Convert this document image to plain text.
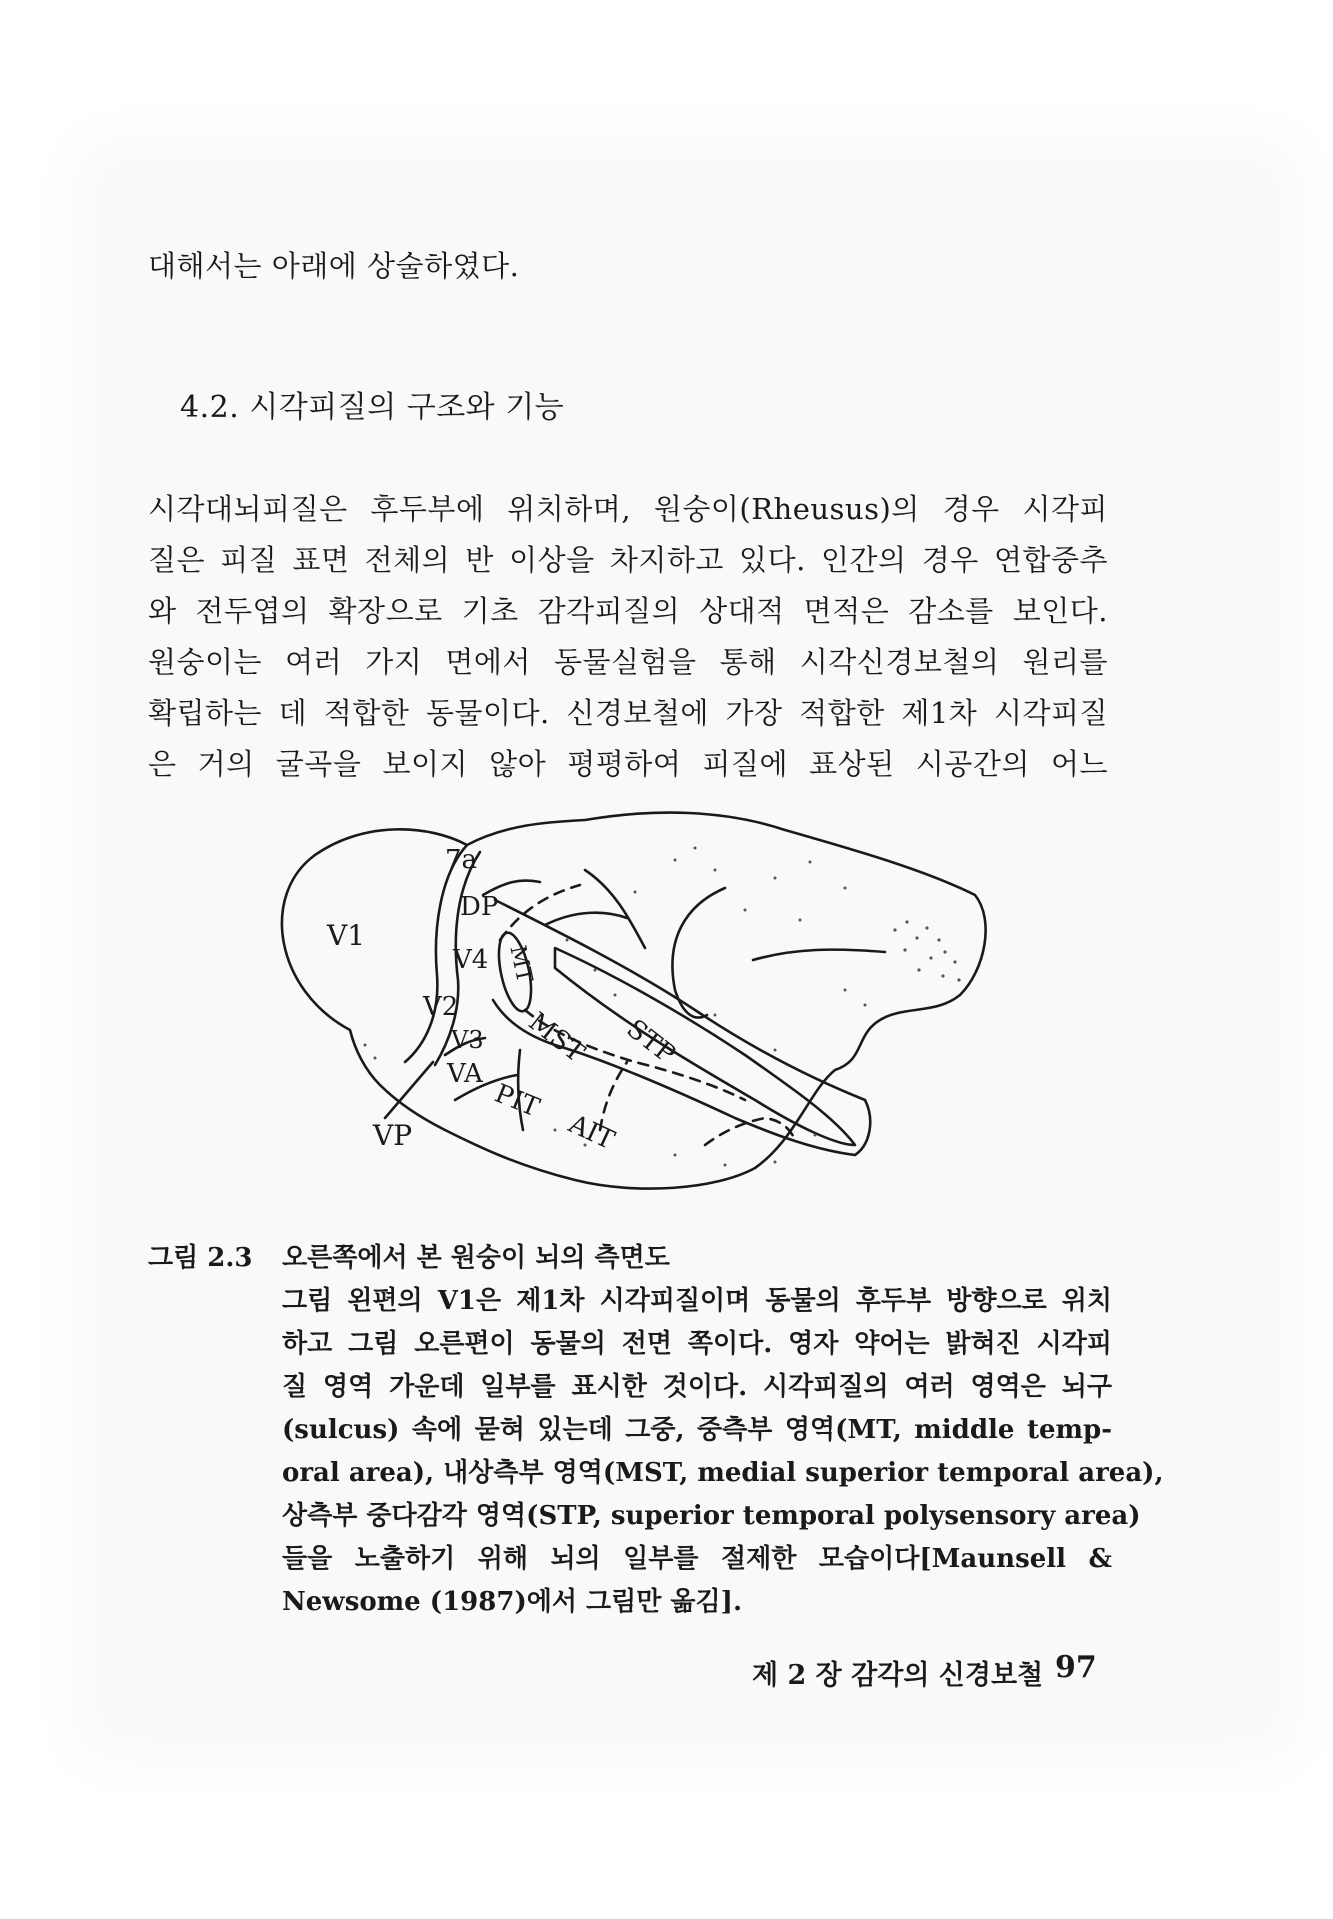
대해서는 아래에 상술하였다.
4.2. 시각피질의 구조와 기능
시각대뇌피질은 후두부에 위치하며, 원숭이(Rheusus)의 경우 시각피
질은 피질 표면 전체의 반 이상을 차지하고 있다. 인간의 경우 연합중추
와 전두엽의 확장으로 기초 감각피질의 상대적 면적은 감소를 보인다.
원숭이는 여러 가지 면에서 동물실험을 통해 시각신경보철의 원리를
확립하는 데 적합한 동물이다. 신경보철에 가장 적합한 제1차 시각피질
은 거의 굴곡을 보이지 않아 평평하여 피질에 표상된 시공간의 어느
V1
7a
DP
V4
V2
V3
VA
VP
MT
MST STP
PIT
AIT
그림 2.3 오른쪽에서 본 원숭이 뇌의 측면도
그림 왼편의 V1은 제1차 시각피질이며 동물의 후두부 방향으로 위치
하고 그림 오른편이 동물의 전면 쪽이다. 영자 약어는 밝혀진 시각피
질 영역 가운데 일부를 표시한 것이다. 시각피질의 여러 영역은 뇌구
(sulcus) 속에 묻혀 있는데 그중, 중측부 영역(MT, middle temp-
oral area), 내상측부 영역(MST, medial superior temporal area),
상측부 중다감각 영역(STP, superior temporal polysensory area)
들을 노출하기 위해 뇌의 일부를 절제한 모습이다[Maunsell &
Newsome (1987)에서 그림만 옮김].
제 2 장 감각의 신경보철 97
